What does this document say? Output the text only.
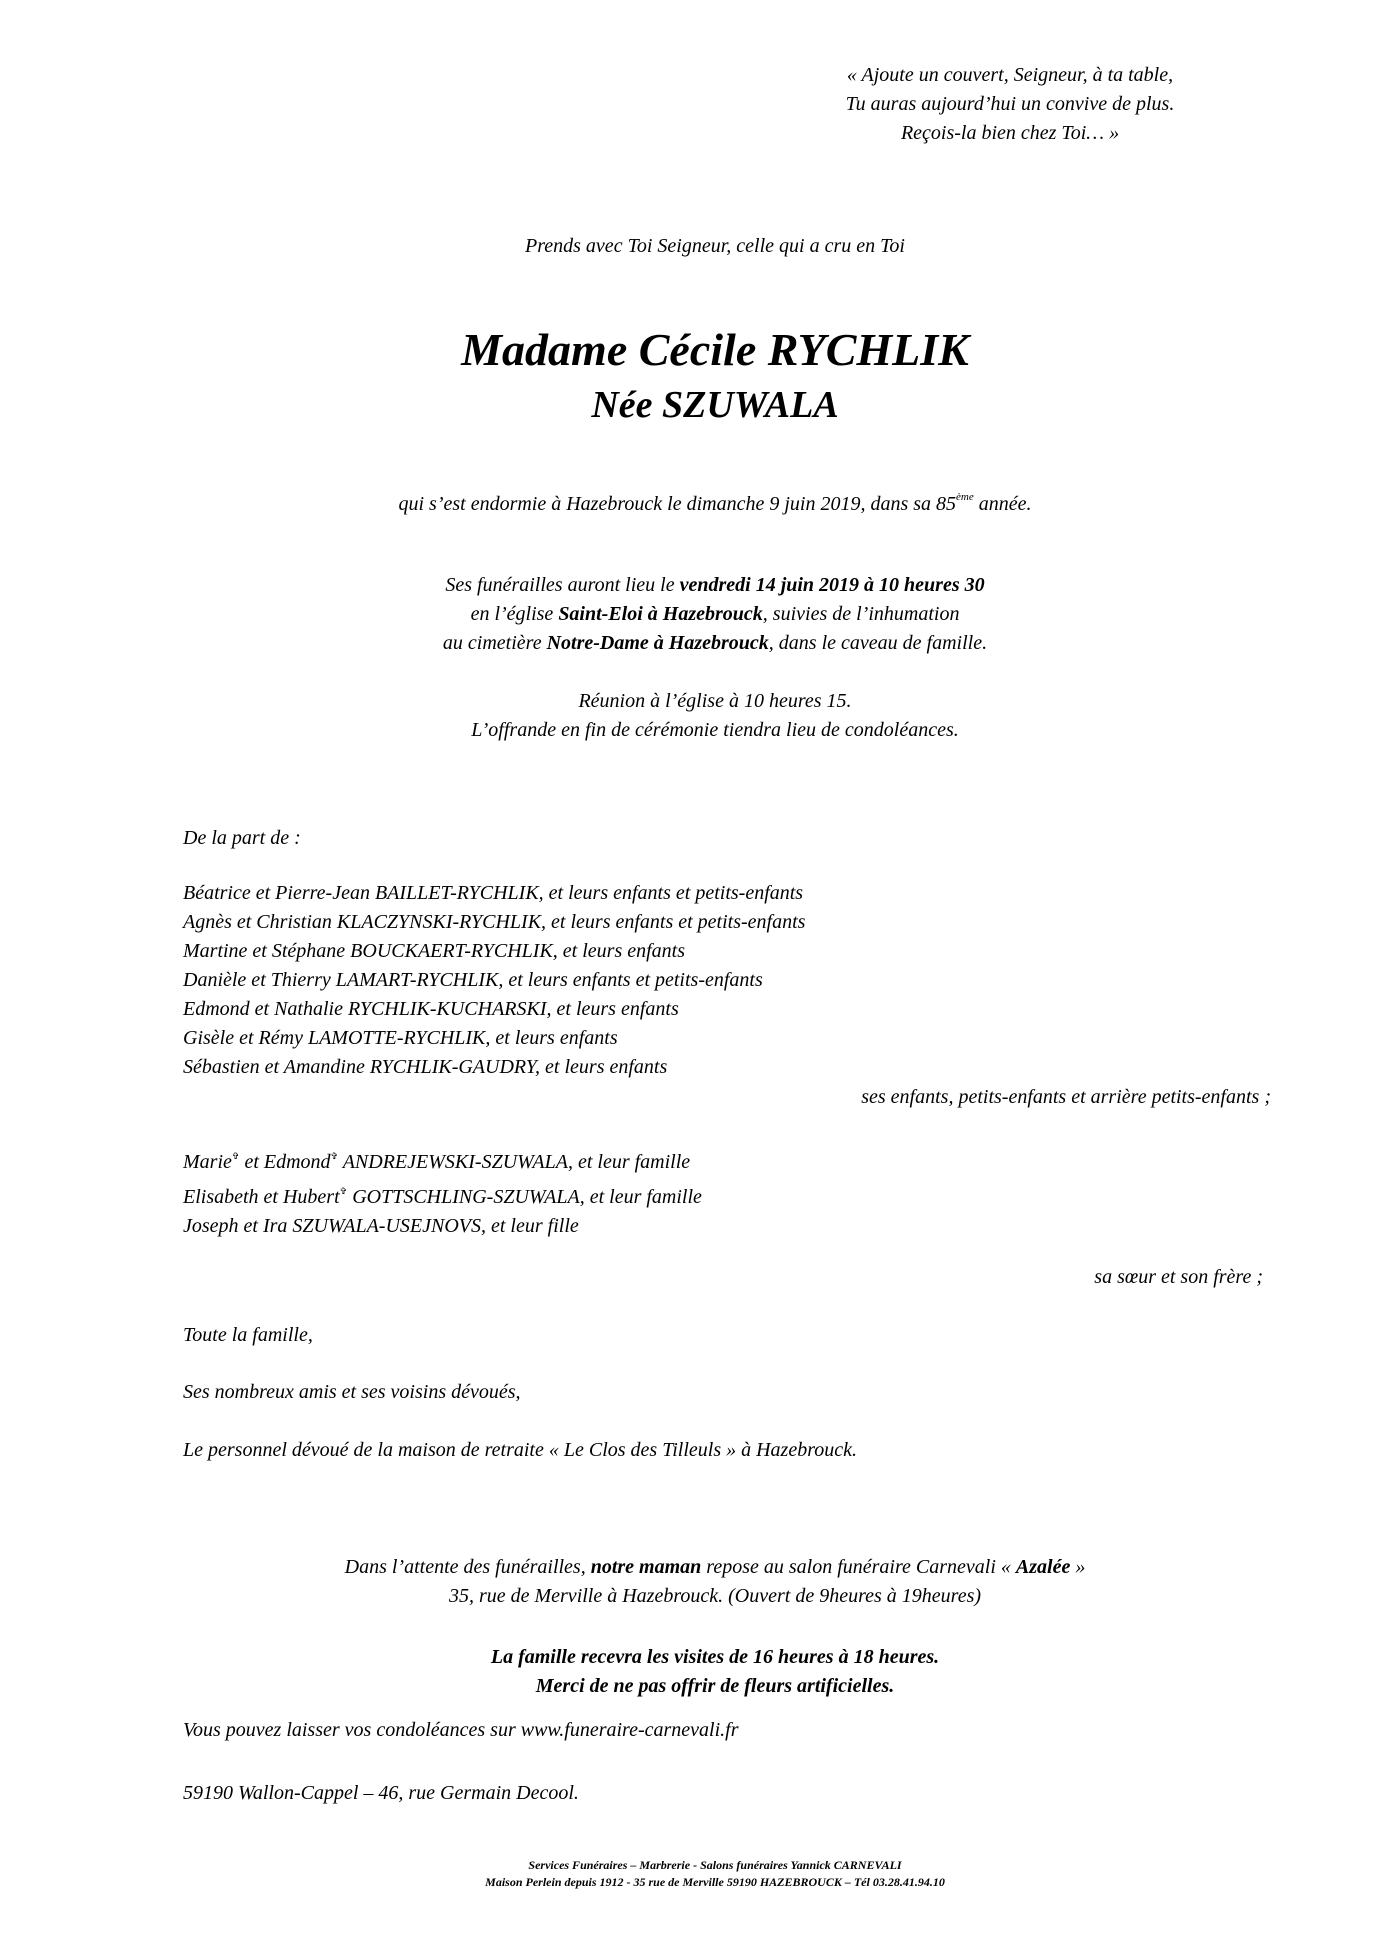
« Ajoute un couvert, Seigneur, à ta table,
Tu auras aujourd’hui un convive de plus.
Reçois-la bien chez Toi… »
Prends avec Toi Seigneur, celle qui a cru en Toi
Madame Cécile RYCHLIK
Née SZUWALA
qui s’est endormie à Hazebrouck le dimanche 9 juin 2019, dans sa 85ème année.
Ses funérailles auront lieu le vendredi 14 juin 2019 à 10 heures 30
en l’église Saint-Eloi à Hazebrouck, suivies de l’inhumation
au cimetière Notre-Dame à Hazebrouck, dans le caveau de famille.
Réunion à l’église à 10 heures 15.
L’offrande en fin de cérémonie tiendra lieu de condoléances.
De la part de :
Béatrice et Pierre-Jean BAILLET-RYCHLIK, et leurs enfants et petits-enfants
Agnès et Christian KLACZYNSKI-RYCHLIK, et leurs enfants et petits-enfants
Martine et Stéphane BOUCKAERT-RYCHLIK, et leurs enfants
Danièle et Thierry LAMART-RYCHLIK, et leurs enfants et petits-enfants
Edmond et Nathalie RYCHLIK-KUCHARSKI, et leurs enfants
Gisèle et Rémy LAMOTTE-RYCHLIK, et leurs enfants
Sébastien et Amandine RYCHLIK-GAUDRY, et leurs enfants
ses enfants, petits-enfants et arrière petits-enfants ;
Marie✞ et Edmond✞ ANDREJEWSKI-SZUWALA, et leur famille
Elisabeth et Hubert✞ GOTTSCHLING-SZUWALA, et leur famille
Joseph et Ira SZUWALA-USEJNOVS, et leur fille
sa sœur et son frère ;
Toute la famille,
Ses nombreux amis et ses voisins dévoués,
Le personnel dévoué de la maison de retraite « Le Clos des Tilleuls » à Hazebrouck.
Dans l’attente des funérailles, notre maman repose au salon funéraire Carnevali « Azalée »
35, rue de Merville à Hazebrouck. (Ouvert de 9heures à 19heures)
La famille recevra les visites de 16 heures à 18 heures.
Merci de ne pas offrir de fleurs artificielles.
Vous pouvez laisser vos condoléances sur www.funeraire-carnevali.fr
59190 Wallon-Cappel – 46, rue Germain Decool.
Services Funéraires – Marbrerie - Salons funéraires Yannick CARNEVALI
Maison Perlein depuis 1912 - 35 rue de Merville 59190 HAZEBROUCK – Tél 03.28.41.94.10
